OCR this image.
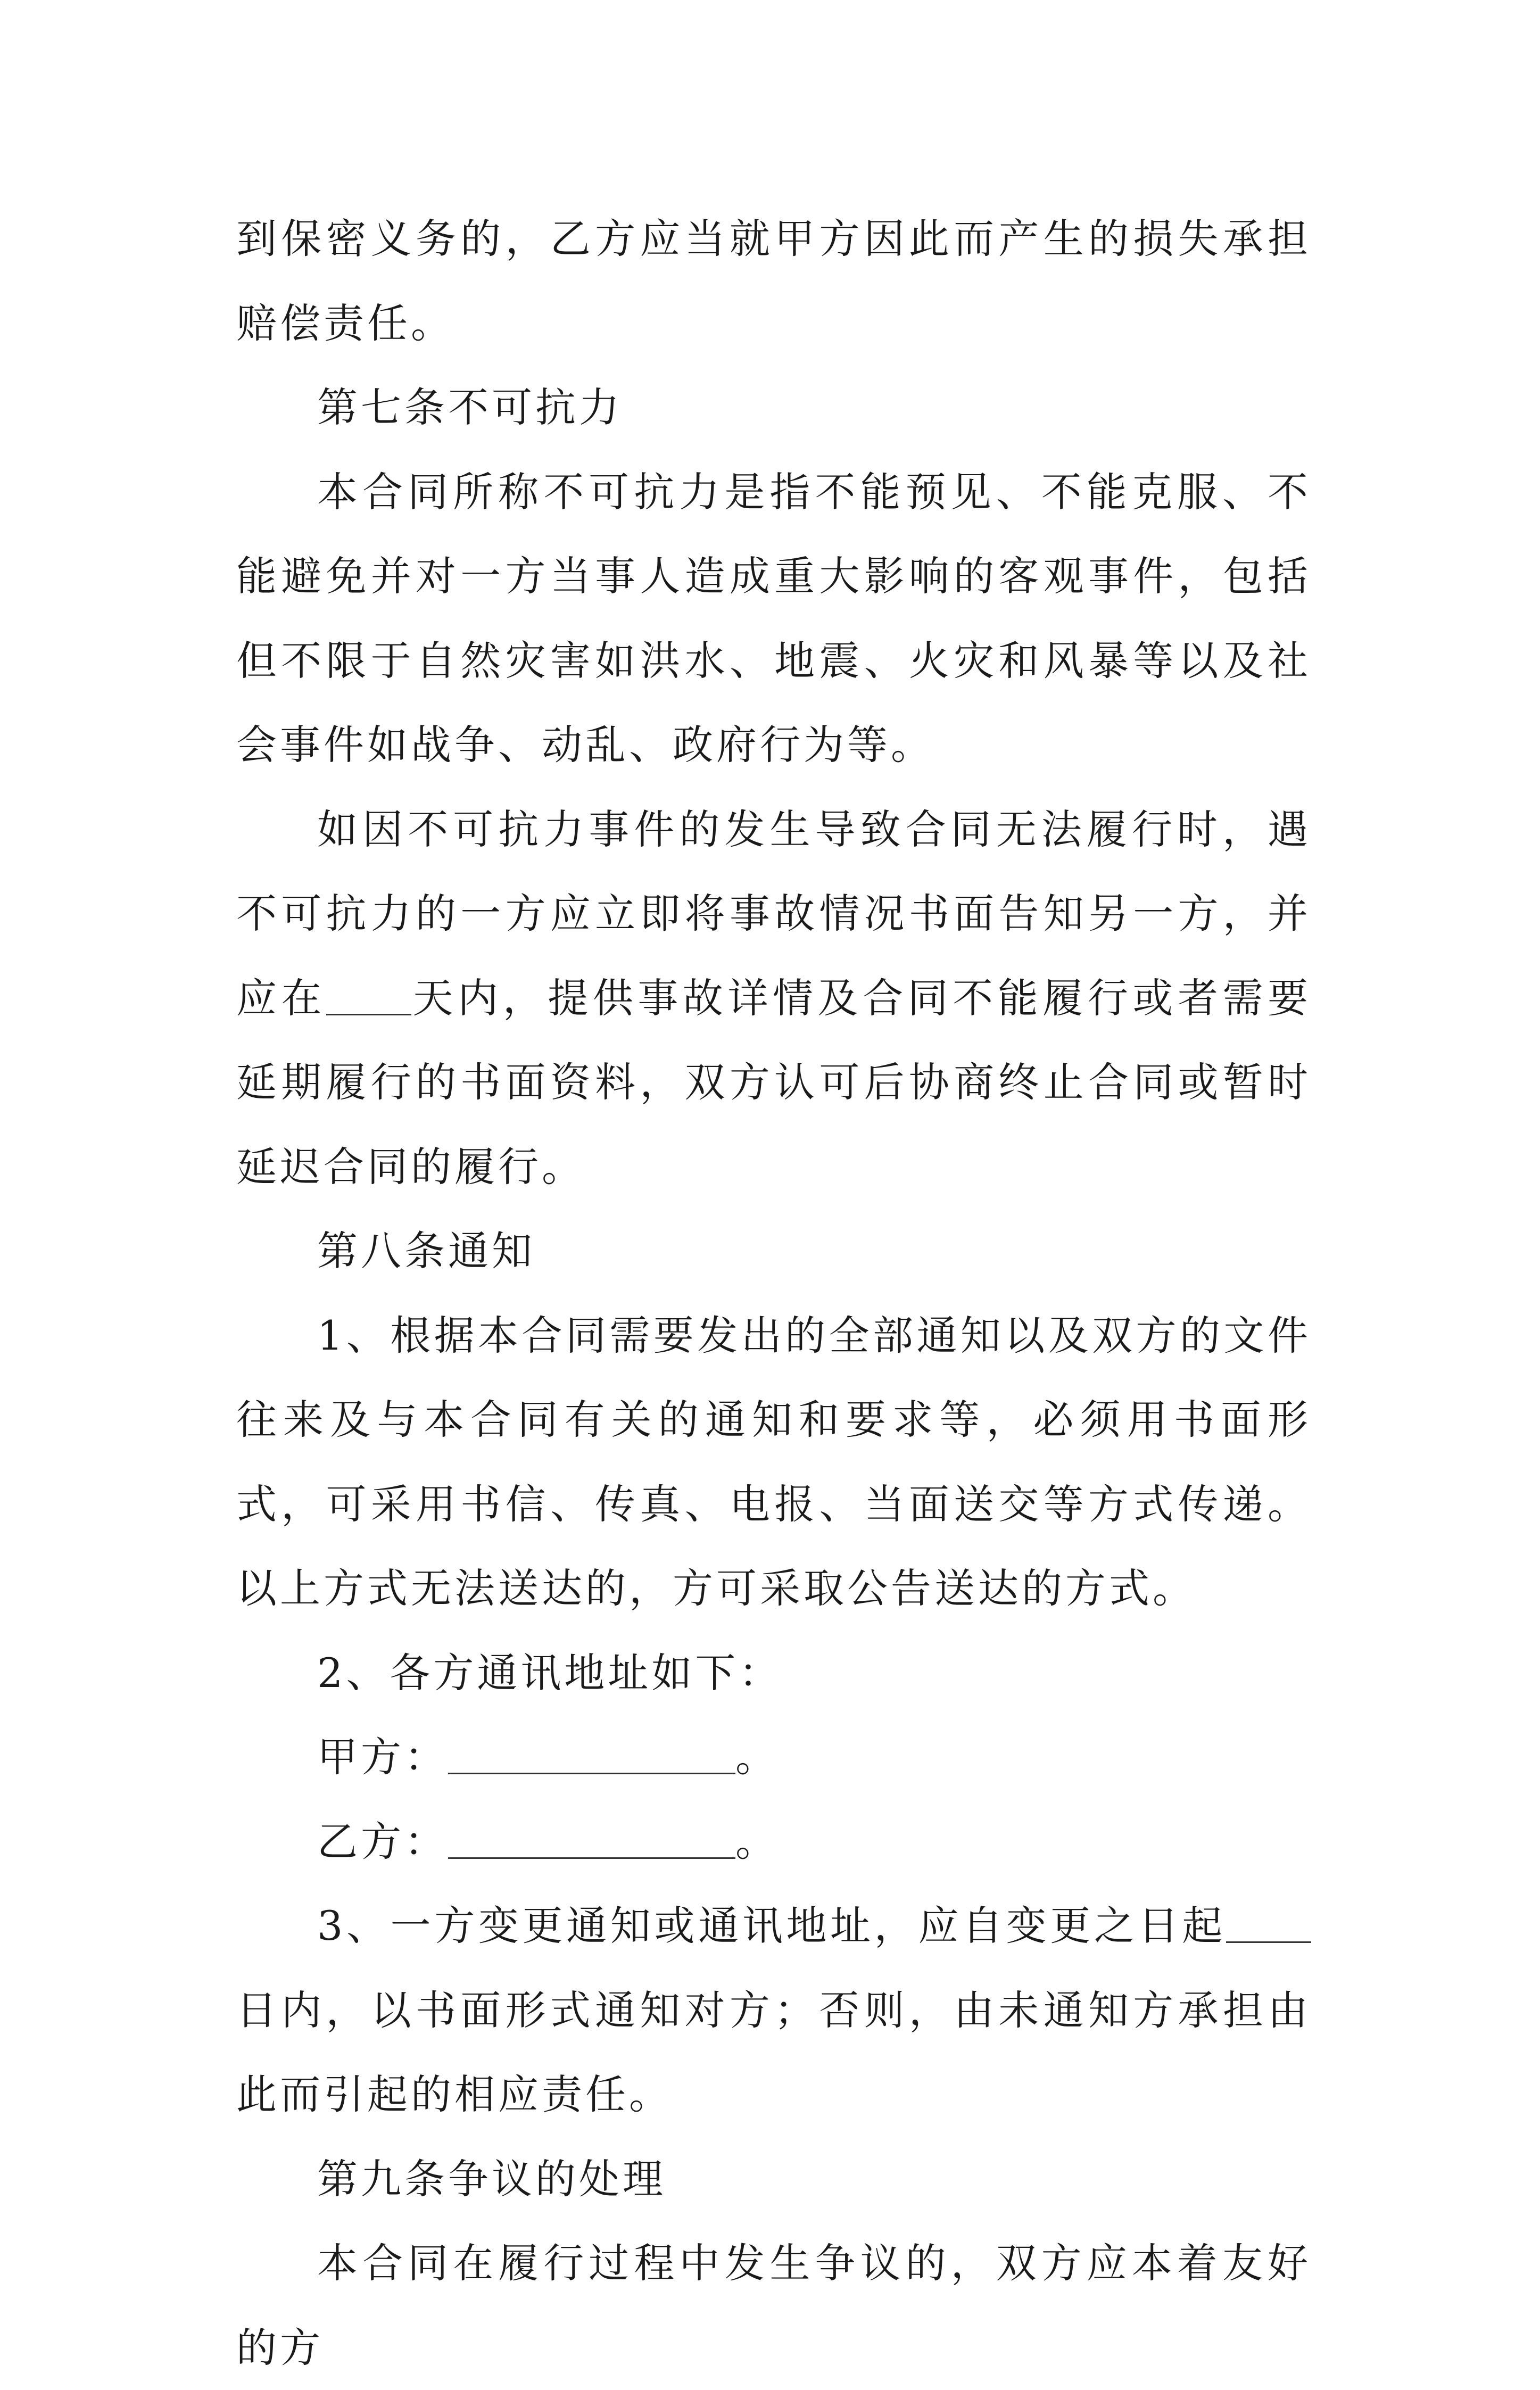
到保密义务的，乙方应当就甲方因此而产生的损失承担赔偿责任。

第七条不可抗力

本合同所称不可抗力是指不能预见、不能克服、不能避免并对一方当事人造成重大影响的客观事件，包括但不限于自然灾害如洪水、地震、火灾和风暴等以及社会事件如战争、动乱、政府行为等。

如因不可抗力事件的发生导致合同无法履行时，遇不可抗力的一方应立即将事故情况书面告知另一方，并应在 天内，提供事故详情及合同不能履行或者需要延期履行的书面资料，双方认可后协商终止合同或暂时延迟合同的履行。

第八条通知

1、根据本合同需要发出的全部通知以及双方的文件往来及与本合同有关的通知和要求等，必须用书面形式，可采用书信、传真、电报、当面送交等方式传递。以上方式无法送达的，方可采取公告送达的方式。

2、各方通讯地址如下：

甲方：	。

乙方：	。

3、一方变更通知或通讯地址，应自变更之日起日内，以书面形式通知对方；否则，由未通知方承担由此而引起的相应责任。

第九条争议的处理

本合同在履行过程中发生争议的，双方应本着友好的方
